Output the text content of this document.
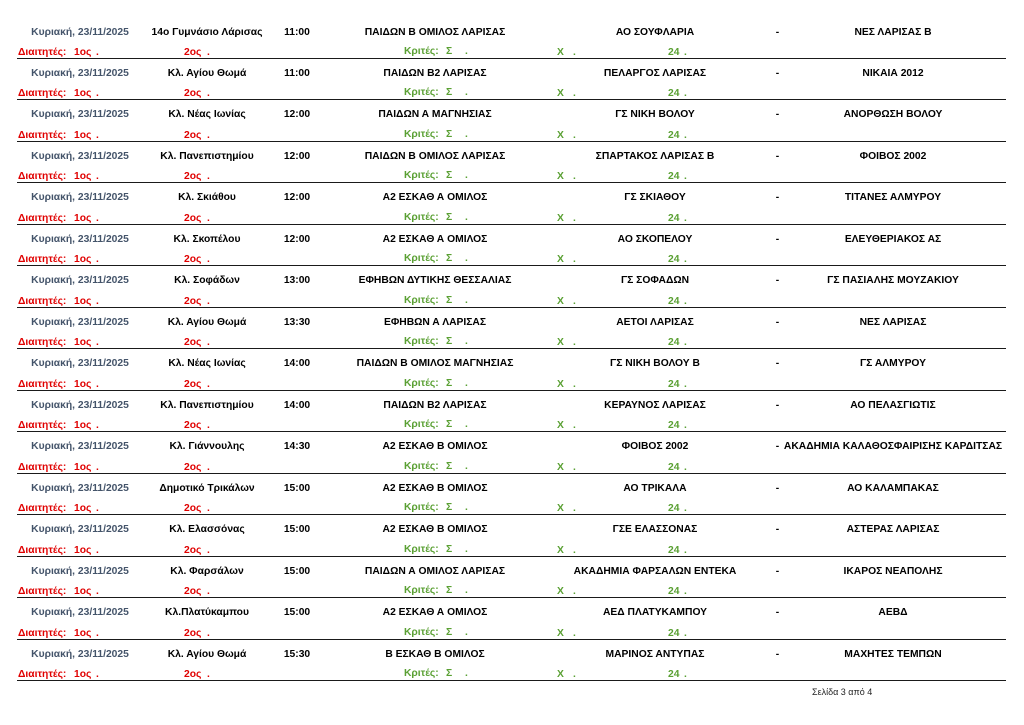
Κυριακή, 23/11/2025 14ο Γυμνάσιο Λάρισας 11:00	ΠΑΙΔΩΝ Β ΟΜΙΛΟΣ ΛΑΡΙΣΑΣ	ΑΟ ΣΟΥΦΛΑΡΙΑ	-	ΝΕΣ ΛΑΡΙΣΑΣ Β
Διαιτητές: 1ος .	2ος .	Κριτές: Σ .	Χ .	24 .
Κυριακή, 23/11/2025	Κλ. Αγίου Θωμά	11:00	ΠΑΙΔΩΝ Β2 ΛΑΡΙΣΑΣ	ΠΕΛΑΡΓΟΣ ΛΑΡΙΣΑΣ	-	ΝΙΚΑΙΑ 2012
Διαιτητές: 1ος .	2ος .	Κριτές: Σ .	Χ .	24 .
Κυριακή, 23/11/2025	Κλ. Νέας Ιωνίας	12:00	ΠΑΙΔΩΝ Α ΜΑΓΝΗΣΙΑΣ	ΓΣ ΝΙΚΗ ΒΟΛΟΥ	-	ΑΝΟΡΘΩΣΗ ΒΟΛΟΥ
Διαιτητές: 1ος .	2ος .	Κριτές: Σ .	Χ .	24 .
Κυριακή, 23/11/2025	Κλ. Πανεπιστημίου	12:00	ΠΑΙΔΩΝ Β ΟΜΙΛΟΣ ΛΑΡΙΣΑΣ	ΣΠΑΡΤΑΚΟΣ ΛΑΡΙΣΑΣ Β	-	ΦΟΙΒΟΣ 2002
Διαιτητές: 1ος .	2ος .	Κριτές: Σ .	Χ .	24 .
Κυριακή, 23/11/2025	Κλ. Σκιάθου	12:00	Α2 ΕΣΚΑΘ Α ΟΜΙΛΟΣ	ΓΣ ΣΚΙΑΘΟΥ	-	ΤΙΤΑΝΕΣ ΑΛΜΥΡΟΥ
Διαιτητές: 1ος .	2ος .	Κριτές: Σ .	Χ .	24 .
Κυριακή, 23/11/2025	Κλ. Σκοπέλου	12:00	Α2 ΕΣΚΑΘ Α ΟΜΙΛΟΣ	ΑΟ ΣΚΟΠΕΛΟΥ	-	ΕΛΕΥΘΕΡΙΑΚΟΣ ΑΣ
Διαιτητές: 1ος .	2ος .	Κριτές: Σ .	Χ .	24 .
Κυριακή, 23/11/2025	Κλ. Σοφάδων	13:00	ΕΦΗΒΩΝ ΔΥΤΙΚΗΣ ΘΕΣΣΑΛΙΑΣ	ΓΣ ΣΟΦΑΔΩΝ	-	ΓΣ ΠΑΣΙΑΛΗΣ ΜΟΥΖΑΚΙΟΥ
Διαιτητές: 1ος .	2ος .	Κριτές: Σ .	Χ .	24 .
Κυριακή, 23/11/2025	Κλ. Αγίου Θωμά	13:30	ΕΦΗΒΩΝ Α ΛΑΡΙΣΑΣ	ΑΕΤΟΙ ΛΑΡΙΣΑΣ	-	ΝΕΣ ΛΑΡΙΣΑΣ
Διαιτητές: 1ος .	2ος .	Κριτές: Σ .	Χ .	24 .
Κυριακή, 23/11/2025	Κλ. Νέας Ιωνίας	14:00	ΠΑΙΔΩΝ Β ΟΜΙΛΟΣ ΜΑΓΝΗΣΙΑΣ	ΓΣ ΝΙΚΗ ΒΟΛΟΥ Β	-	ΓΣ ΑΛΜΥΡΟΥ
Διαιτητές: 1ος .	2ος .	Κριτές: Σ .	Χ .	24 .
Κυριακή, 23/11/2025	Κλ. Πανεπιστημίου	14:00	ΠΑΙΔΩΝ Β2 ΛΑΡΙΣΑΣ	ΚΕΡΑΥΝΟΣ ΛΑΡΙΣΑΣ	-	ΑΟ ΠΕΛΑΣΓΙΩΤΙΣ
Διαιτητές: 1ος .	2ος .	Κριτές: Σ .	Χ .	24 .
Κυριακή, 23/11/2025	Κλ. Γιάννουλης	14:30	Α2 ΕΣΚΑΘ Β ΟΜΙΛΟΣ	ΦΟΙΒΟΣ 2002	- ΑΚΑΔΗΜΙΑ ΚΑΛΑΘΟΣΦΑΙΡΙΣΗΣ ΚΑΡΔΙΤΣΑΣ
Διαιτητές: 1ος .	2ος .	Κριτές: Σ .	Χ .	24 .
Κυριακή, 23/11/2025	Δημοτικό Τρικάλων	15:00	Α2 ΕΣΚΑΘ Β ΟΜΙΛΟΣ	ΑΟ ΤΡΙΚΑΛΑ	-	ΑΟ ΚΑΛΑΜΠΑΚΑΣ
Διαιτητές: 1ος .	2ος .	Κριτές: Σ .	Χ .	24 .
Κυριακή, 23/11/2025	Κλ. Ελασσόνας	15:00	Α2 ΕΣΚΑΘ Β ΟΜΙΛΟΣ	ΓΣΕ ΕΛΑΣΣΟΝΑΣ	-	ΑΣΤΕΡΑΣ ΛΑΡΙΣΑΣ
Διαιτητές: 1ος .	2ος .	Κριτές: Σ .	Χ .	24 .
Κυριακή, 23/11/2025	Κλ. Φαρσάλων	15:00	ΠΑΙΔΩΝ Α ΟΜΙΛΟΣ ΛΑΡΙΣΑΣ	ΑΚΑΔΗΜΙΑ ΦΑΡΣΑΛΩΝ ΕΝΤΕΚΑ	-	ΙΚΑΡΟΣ ΝΕΑΠΟΛΗΣ
Διαιτητές: 1ος .	2ος .	Κριτές: Σ .	Χ .	24 .
Κυριακή, 23/11/2025	Κλ.Πλατύκαμπου	15:00	Α2 ΕΣΚΑΘ Α ΟΜΙΛΟΣ	ΑΕΔ ΠΛΑΤΥΚΑΜΠΟΥ	-	ΑΕΒΔ
Διαιτητές: 1ος .	2ος .	Κριτές: Σ .	Χ .	24 .
Κυριακή, 23/11/2025	Κλ. Αγίου Θωμά	15:30	Β ΕΣΚΑΘ Β ΟΜΙΛΟΣ	ΜΑΡΙΝΟΣ ΑΝΤΥΠΑΣ	-	ΜΑΧΗΤΕΣ ΤΕΜΠΩΝ
Διαιτητές: 1ος .	2ος .	Κριτές: Σ .	Χ .	24 .
Σελίδα 3 από 4
